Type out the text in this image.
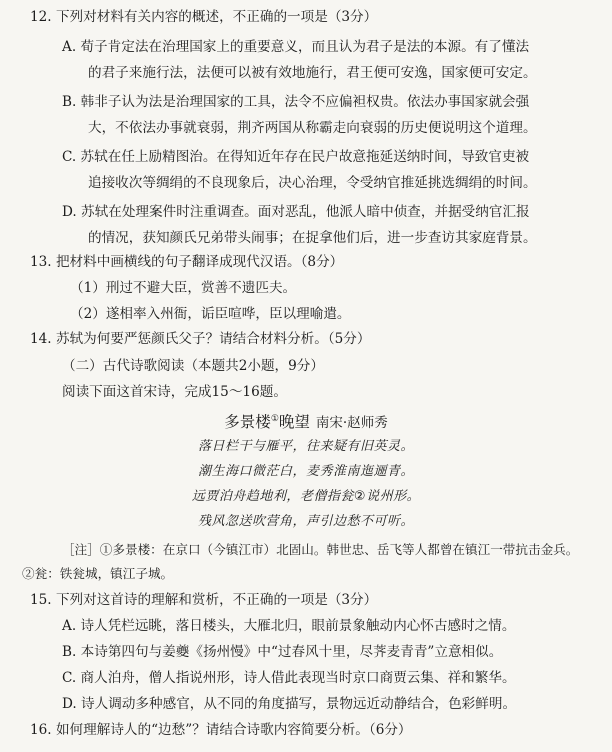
12. 下列对材料有关内容的概述，不正确的一项是（3分）
A. 荀子肯定法在治理国家上的重要意义，而且认为君子是法的本源。有了懂法
的君子来施行法，法便可以被有效地施行，君王便可安逸，国家便可安定。
B. 韩非子认为法是治理国家的工具，法令不应偏袒权贵。依法办事国家就会强
大，不依法办事就衰弱，荆齐两国从称霸走向衰弱的历史便说明这个道理。
C. 苏轼在任上励精图治。在得知近年存在民户故意拖延送纳时间，导致官吏被
追接收次等绸绢的不良现象后，决心治理，令受纳官推延挑选绸绢的时间。
D. 苏轼在处理案件时注重调查。面对恶乱，他派人暗中侦查，并据受纳官汇报
的情况，获知颜氏兄弟带头闹事；在捉拿他们后，进一步查访其家庭背景。
13. 把材料中画横线的句子翻译成现代汉语。（8分）
（1）刑过不避大臣，赏善不遗匹夫。
（2）遂相率入州衙，诟臣喧哗，臣以理喻遣。
14. 苏轼为何要严惩颜氏父子？请结合材料分析。（5分）
（二）古代诗歌阅读（本题共2小题，9分）
阅读下面这首宋诗，完成15～16题。
多景楼①晚望 南宋·赵师秀
落日栏干与雁平，往来疑有旧英灵。
潮生海口微茫白，麦秀淮南迤逦青。
远贾泊舟趋地利，老僧指瓮②说州形。
残风忽送吹营角，声引边愁不可听。
［注］①多景楼：在京口（今镇江市）北固山。韩世忠、岳飞等人都曾在镇江一带抗击金兵。
②瓮：铁瓮城，镇江子城。
15. 下列对这首诗的理解和赏析，不正确的一项是（3分）
A. 诗人凭栏远眺，落日楼头，大雁北归，眼前景象触动内心怀古感时之情。
B. 本诗第四句与姜夔《扬州慢》中“过春风十里，尽荠麦青青”立意相似。
C. 商人泊舟，僧人指说州形，诗人借此表现当时京口商贾云集、祥和繁华。
D. 诗人调动多种感官，从不同的角度描写，景物远近动静结合，色彩鲜明。
16. 如何理解诗人的“边愁”？请结合诗歌内容简要分析。（6分）
